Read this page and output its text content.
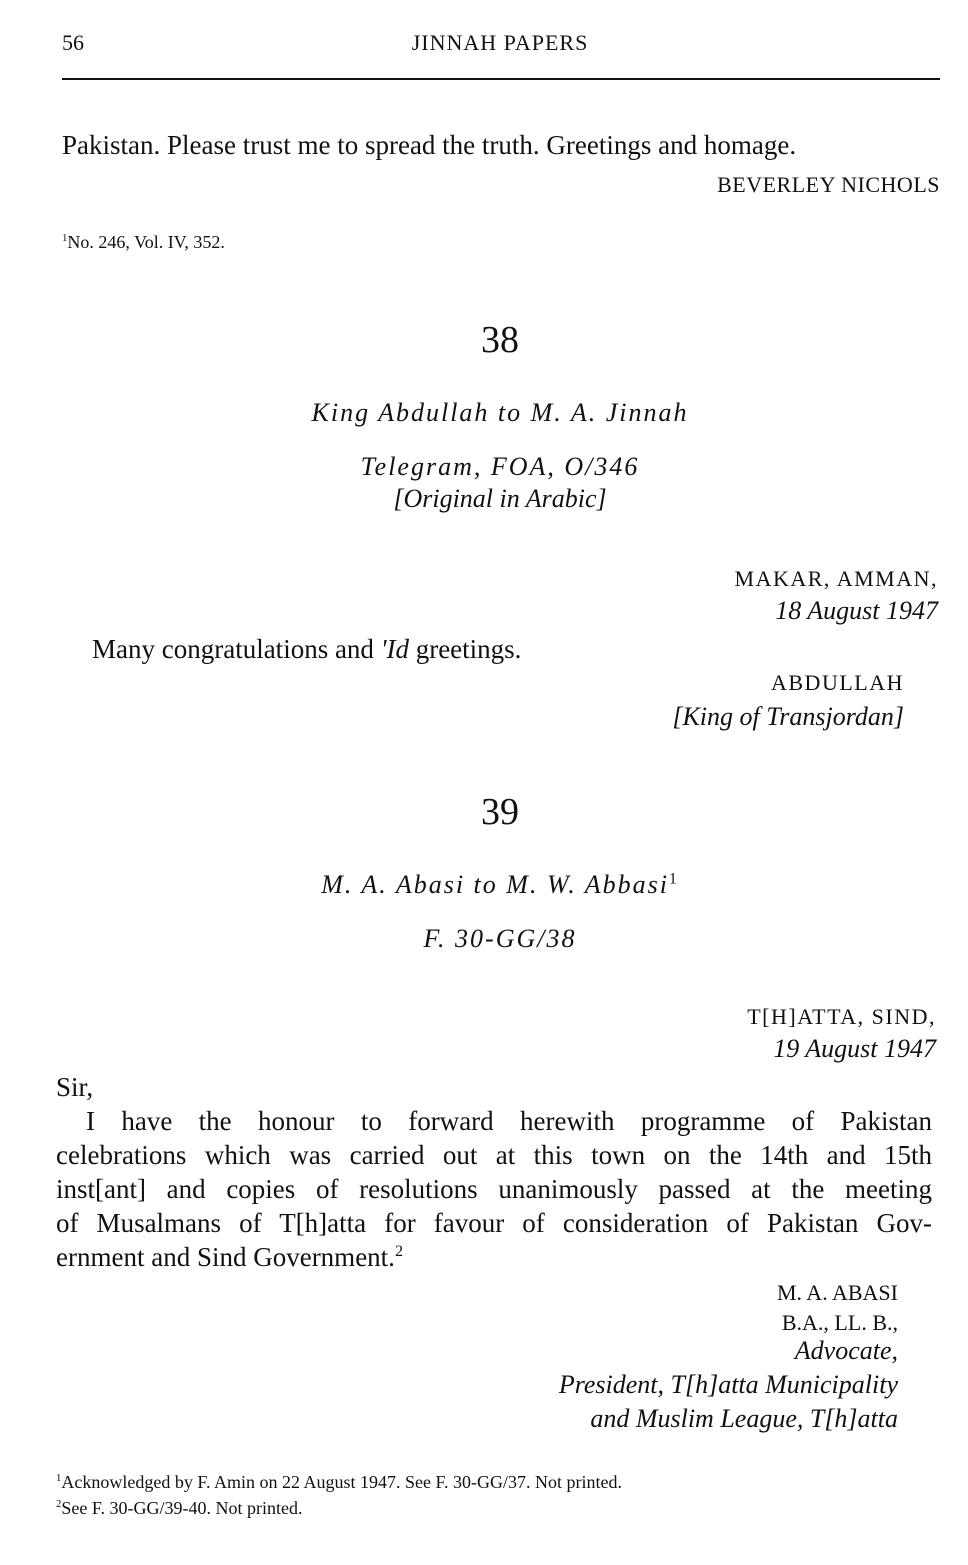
56	JINNAH PAPERS
Pakistan. Please trust me to spread the truth. Greetings and homage.
BEVERLEY NICHOLS
$^1$No. 246, Vol. IV, 352.
38
King Abdullah to M. A. Jinnah
Telegram, FOA, O/346
[Original in Arabic]
MAKAR, AMMAN,
18 August 1947
Many congratulations and 'Id greetings.
ABDULLAH
[King of Transjordan]
39
M. A. Abasi to M. W. Abbasi$^1$
F. 30-GG/38
T[H]ATTA, SIND,
19 August 1947
Sir,
I have the honour to forward herewith programme of Pakistan
celebrations which was carried out at this town on the 14th and 15th
inst[ant] and copies of resolutions unanimously passed at the meeting
of Musalmans of T[h]atta for favour of consideration of Pakistan Gov-
ernment and Sind Government.$^2$
M. A. ABASI
B.A., LL. B.,
Advocate,
President, T[h]atta Municipality
and Muslim League, T[h]atta
$^1$Acknowledged by F. Amin on 22 August 1947. See F. 30-GG/37. Not printed.
$^2$See F. 30-GG/39-40. Not printed.
